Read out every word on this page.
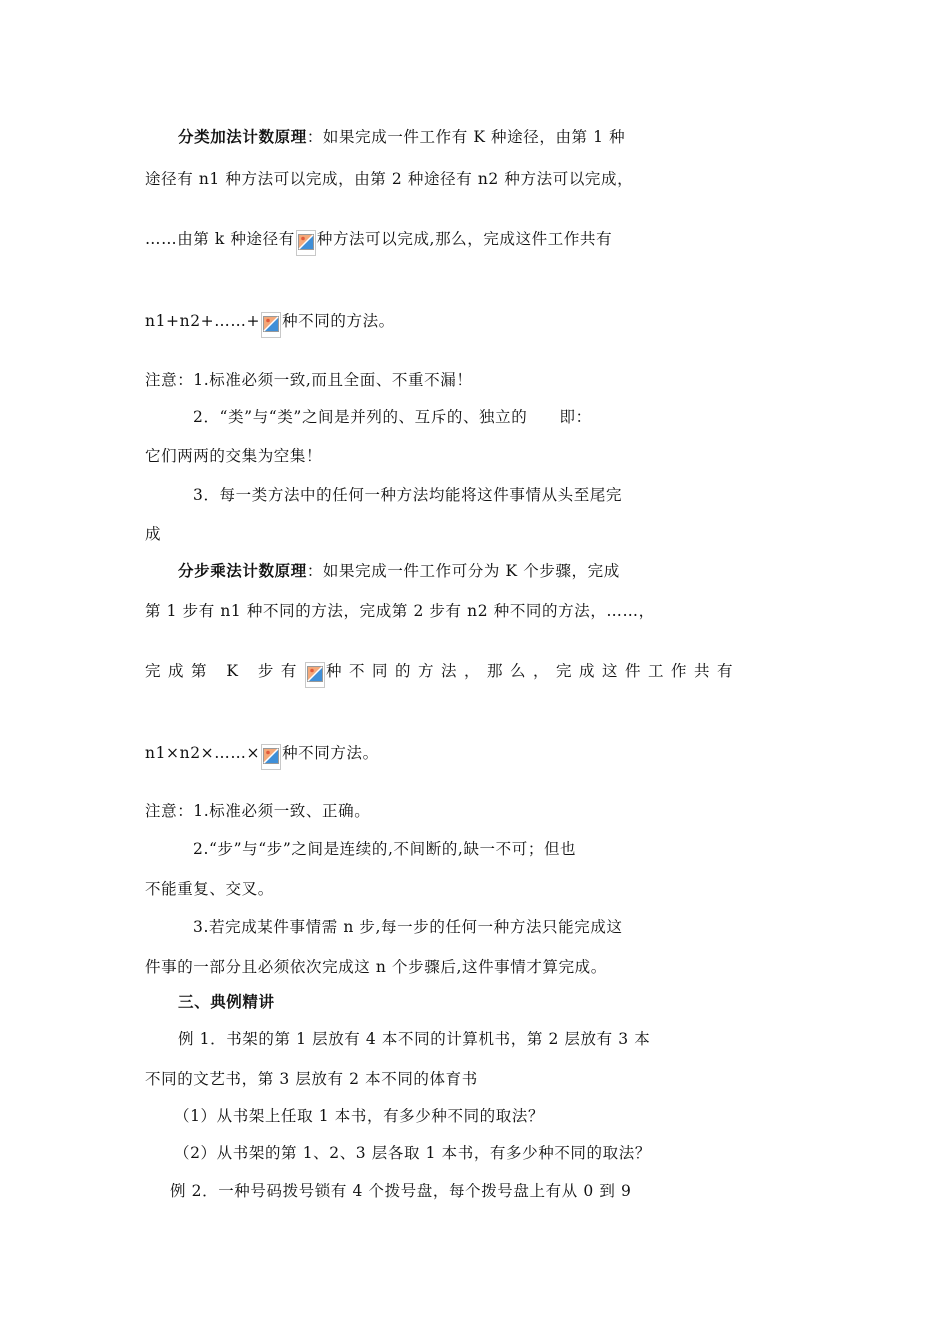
分类加法计数原理：如果完成一件工作有 K 种途径，由第 1 种
途径有 n1 种方法可以完成，由第 2 种途径有 n2 种方法可以完成，
……由第 k 种途径有 种方法可以完成,那么，完成这件工作共有
n1+n2+……+ 种不同的方法。
注意：1.标准必须一致,而且全面、不重不漏！
2．“类”与“类”之间是并列的、互斥的、独立的　　即：
它们两两的交集为空集！
3．每一类方法中的任何一种方法均能将这件事情从头至尾完
成
分步乘法计数原理：如果完成一件工作可分为 K 个步骤，完成
第 1 步有 n1 种不同的方法，完成第 2 步有 n2 种不同的方法，……，
完成第 K 步有 种不同的方法，那么，完成这件工作共有
n1×n2×……× 种不同方法。
注意：1.标准必须一致、正确。
2.“步”与“步”之间是连续的,不间断的,缺一不可；但也
不能重复、交叉。
3.若完成某件事情需 n 步,每一步的任何一种方法只能完成这
件事的一部分且必须依次完成这 n 个步骤后,这件事情才算完成。
三、典例精讲
例 1．书架的第 1 层放有 4 本不同的计算机书，第 2 层放有 3 本
不同的文艺书，第 3 层放有 2 本不同的体育书
（1）从书架上任取 1 本书，有多少种不同的取法？
（2）从书架的第 1、2、3 层各取 1 本书，有多少种不同的取法？
例 2．一种号码拨号锁有 4 个拨号盘，每个拨号盘上有从 0 到 9
